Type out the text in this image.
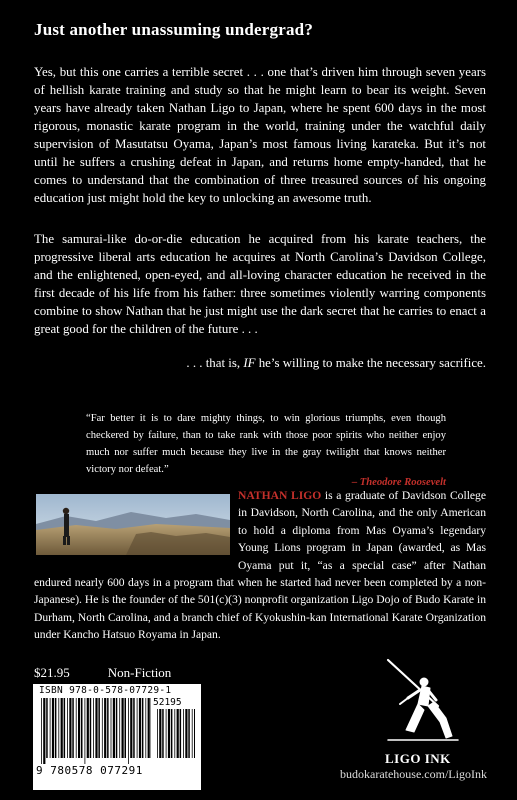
Just another unassuming undergrad?
Yes, but this one carries a terrible secret . . . one that’s driven him through seven years of hellish karate training and study so that he might learn to bear its weight. Seven years have already taken Nathan Ligo to Japan, where he spent 600 days in the most rigorous, monastic karate program in the world, training under the watchful daily supervision of Masutatsu Oyama, Japan’s most famous living karateka. But it’s not until he suffers a crushing defeat in Japan, and returns home empty-handed, that he comes to understand that the combination of three treasured sources of his ongoing education just might hold the key to unlocking an awesome truth.
The samurai-like do-or-die education he acquired from his karate teachers, the progressive liberal arts education he acquires at North Carolina’s Davidson College, and the enlightened, open-eyed, and all-loving character education he received in the first decade of his life from his father: three sometimes violently warring components combine to show Nathan that he just might use the dark secret that he carries to enact a great good for the children of the future . . .
. . . that is, IF he’s willing to make the necessary sacrifice.
“Far better it is to dare mighty things, to win glorious triumphs, even though checkered by failure, than to take rank with those poor spirits who neither enjoy much nor suffer much because they live in the gray twilight that knows neither victory nor defeat.”
– Theodore Roosevelt
NATHAN LIGO is a graduate of Davidson College in Davidson, North Carolina, and the only American to hold a diploma from Mas Oyama’s legendary Young Lions program in Japan (awarded, as Mas Oyama put it, “as a special case” after Nathan endured nearly 600 days in a program that when he started had never been completed by a non-Japanese). He is the founder of the 501(c)(3) nonprofit organization Ligo Dojo of Budo Karate in Durham, North Carolina, and a branch chief of Kyokushin-kan International Karate Organization under Kancho Hatsuo Royama in Japan.
$21.95	Non-Fiction
ISBN 978-0-578-07729-1
52195
9 780578 077291
LIGO INK
budokaratehouse.com/LigoInk
